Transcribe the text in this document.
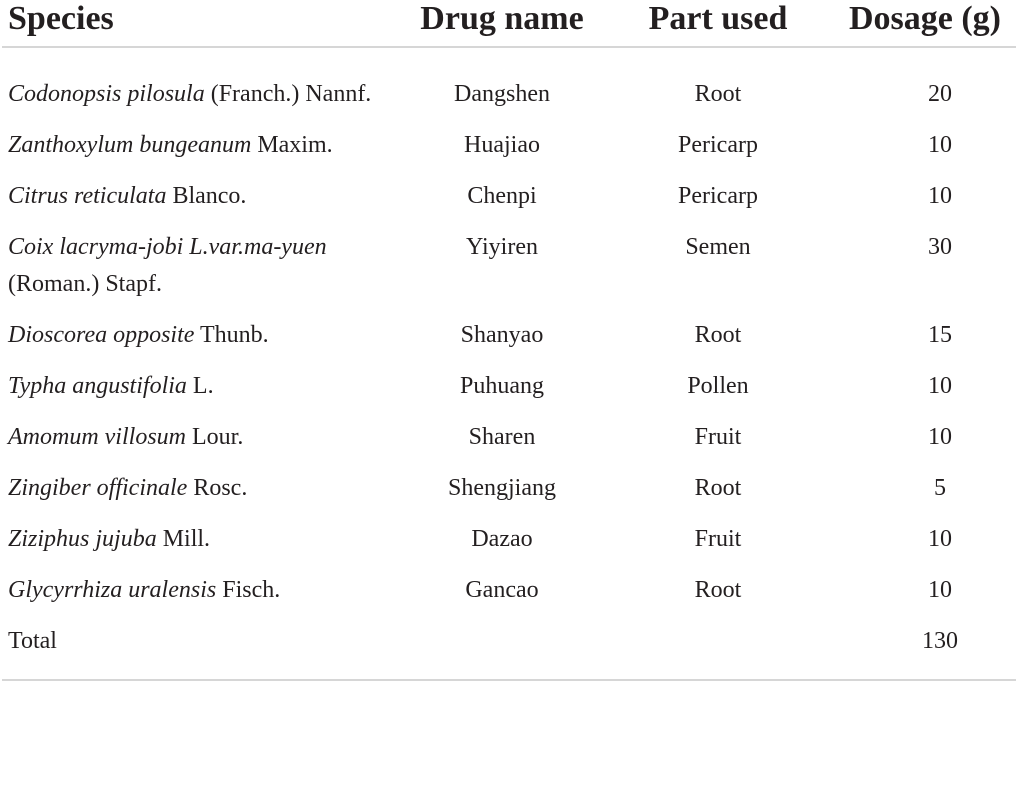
Species	Drug name	Part used	Dosage (g)
Codonopsis pilosula (Franch.) Nannf.	Dangshen	Root	20
Zanthoxylum bungeanum Maxim.	Huajiao	Pericarp	10
Citrus reticulata Blanco.	Chenpi	Pericarp	10
Coix lacryma-jobi L.var.ma-yuen (Roman.) Stapf.	Yiyiren	Semen	30
Dioscorea opposite Thunb.	Shanyao	Root	15
Typha angustifolia L.	Puhuang	Pollen	10
Amomum villosum Lour.	Sharen	Fruit	10
Zingiber officinale Rosc.	Shengjiang	Root	5
Ziziphus jujuba Mill.	Dazao	Fruit	10
Glycyrrhiza uralensis Fisch.	Gancao	Root	10
Total			130
